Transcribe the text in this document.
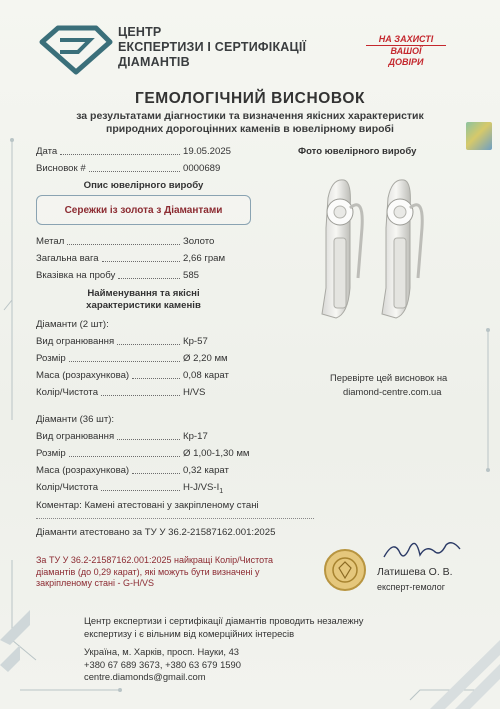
ЦЕНТР
ЕКСПЕРТИЗИ І СЕРТИФІКАЦІЇ
ДІАМАНТІВ
НА ЗАХИСТІ
ВАШОЇ
ДОВІРИ
ГЕМОЛОГІЧНИЙ ВИСНОВОК
за результатами діагностики та визначення якісних характеристик
природних дорогоцінних каменів в ювелірному виробі
Дата	19.05.2025
Висновок #	0000689
Опис ювелірного виробу
Сережки із золота з Діамантами
Метал	Золото
Загальна вага	2,66 грам
Вказівка на пробу	585
Найменування та якісні
характеристики каменів
Діаманти (2 шт):
Вид огранювання	Кр-57
Розмір	Ø 2,20 мм
Маса (розрахункова)	0,08 карат
Колір/Чистота	H/VS
Діаманти (36 шт):
Вид огранювання	Кр-17
Розмір	Ø 1,00-1,30 мм
Маса (розрахункова)	0,32 карат
Колір/Чистота	$H-J/VS-I_1$
Коментар: Камені атестовані у закріпленому стані
Діаманти атестовано за ТУ У 36.2-21587162.001:2025
За ТУ У 36.2-21587162.001:2025 найкращі Колір/Чистота діамантів (до 0,29 карат), які можуть бути визначені у закріпленому стані - G-H/VS
Фото ювелірного виробу
Перевірте цей висновок на
diamond-centre.com.ua
Латишева О. В.
експерт-гемолог
Центр експертизи і сертифікації діамантів проводить незалежну
експертизу і є вільним від комерційних інтересів
Україна, м. Харків, просп. Науки, 43
+380 67 689 3673, +380 63 679 1590
centre.diamonds@gmail.com
